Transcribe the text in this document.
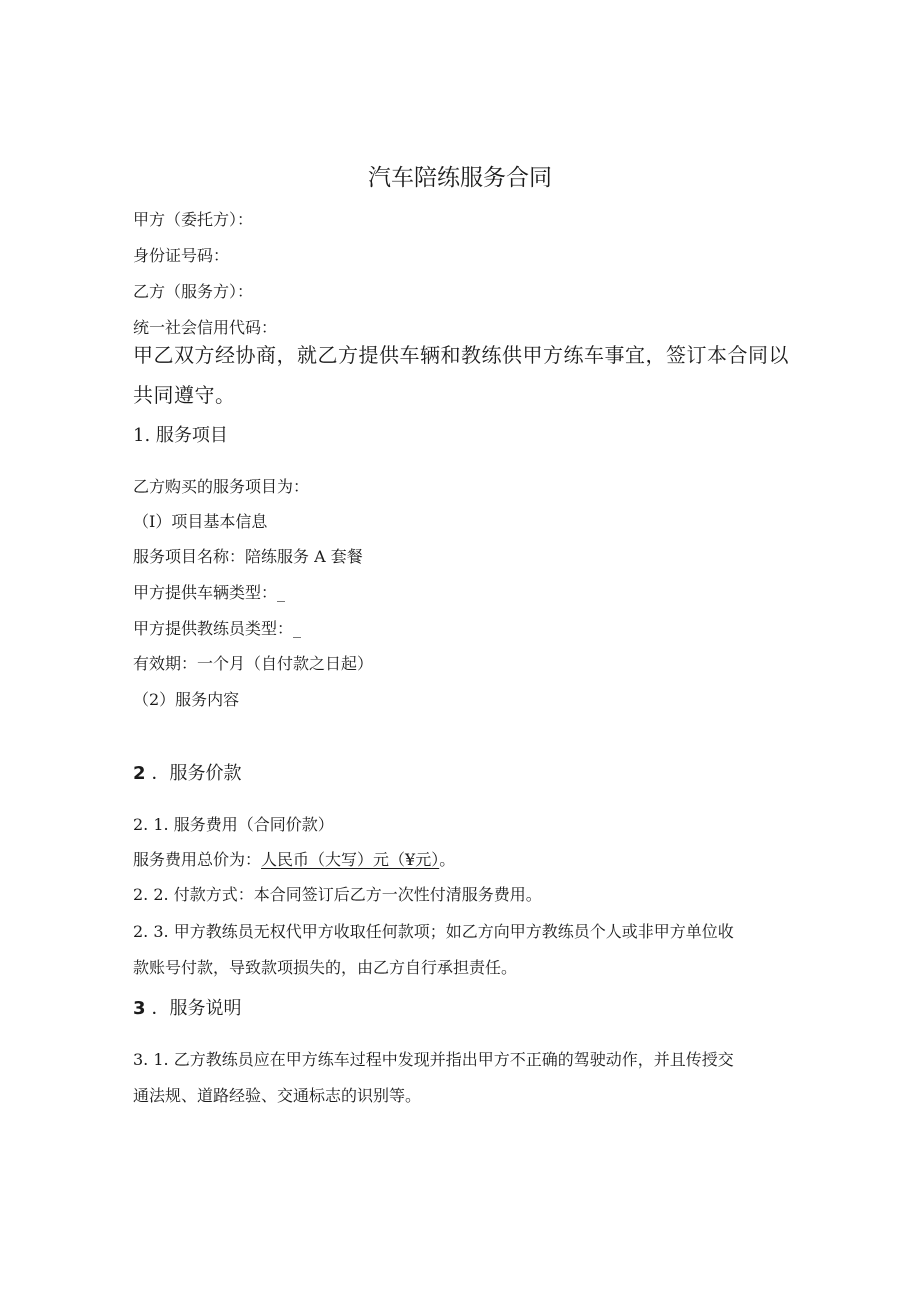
汽车陪练服务合同
甲方（委托方）：
身份证号码：
乙方（服务方）：
统一社会信用代码：
甲乙双方经协商，就乙方提供车辆和教练供甲方练车事宜，签订本合同以
共同遵守。
1. 服务项目
乙方购买的服务项目为：
（I）项目基本信息
服务项目名称：陪练服务 A 套餐
甲方提供车辆类型：_
甲方提供教练员类型：_
有效期：一个月（自付款之日起）
（2）服务内容
2 ．服务价款
2. 1. 服务费用（合同价款）
服务费用总价为：人民币（大写）元（¥元）。
2. 2. 付款方式：本合同签订后乙方一次性付清服务费用。
2. 3. 甲方教练员无权代甲方收取任何款项；如乙方向甲方教练员个人或非甲方单位收
款账号付款，导致款项损失的，由乙方自行承担责任。
3 ．服务说明
3. 1. 乙方教练员应在甲方练车过程中发现并指出甲方不正确的驾驶动作，并且传授交
通法规、道路经验、交通标志的识别等。
